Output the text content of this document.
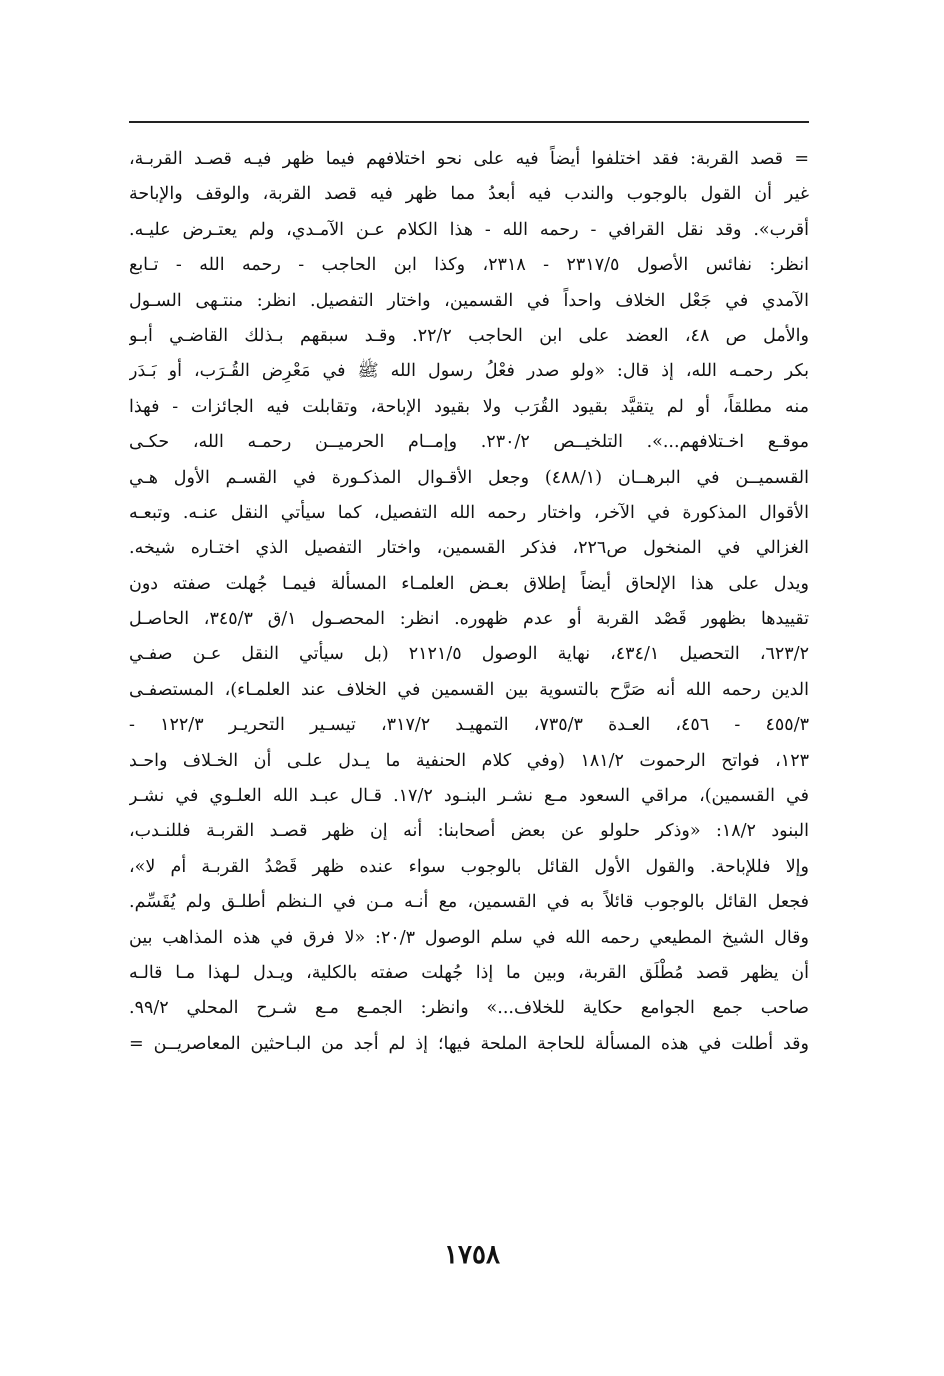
= قصد القربة: فقد اختلفوا أيضاً فيه على نحو اختلافهم فيما ظهر فيـه قصـد القربـة،
غير أن القول بالوجوب والندب فيه أبعدُ مما ظهر فيه قصد القربة، والوقف والإباحة
أقرب». وقد نقل القرافي - رحمه الله - هذا الكلام عـن الآمـدي، ولم يعتـرض عليـه.
انظر: نفائس الأصول ٢٣١٧/٥ - ٢٣١٨، وكذا ابن الحاجب - رحمه الله - تـابع
الآمدي في جَعْل الخلاف واحداً في القسمين، واختار التفصيل. انظر: منتـهى السـول
والأمل ص ٤٨، العضد على ابن الحاجب ٢٢/٢. وقـد سبقهم بـذلك القاضـي أبـو
بكر رحمـه الله، إذ قال: «ولو صدر فعْلُ رسول الله ﷺ في مَعْرِض القُـرَب، أو بَـدَر
منه مطلقاً، أو لم يتقيَّد بقيود القُرَب ولا بقيود الإباحة، وتقابلت فيه الجائزات - فهذا
موقـع اخـتلافهم...». التلخيــص ٢٣٠/٢. وإمــام الحرميــن رحمـه الله، حكـى
القسميــن في البرهــان (٤٨٨/١) وجعل الأقـوال المذكـورة في القسـم الأول هـي
الأقوال المذكورة في الآخر، واختار رحمه الله التفصيل، كما سيأتي النقل عنـه. وتبعـه
الغزالي في المنخول ص٢٢٦، فذكر القسمين، واختار التفصيل الذي اختـاره شيخه.
ويدل على هذا الإلحاق أيضاً إطلاق بعـض العلمـاء المسألة فيمـا جُهلت صفته دون
تقييدها بظهور قَصْد القربة أو عدم ظهوره. انظر: المحصـول ١/ق ٣٤٥/٣، الحاصـل
٦٢٣/٢، التحصيل ٤٣٤/١، نهاية الوصول ٢١٢١/٥ (بل سيأتي النقل عـن صفـي
الدين رحمه الله أنه صَرَّح بالتسوية بين القسمين في الخلاف عند العلمـاء)، المستصفـى
٤٥٥/٣ - ٤٥٦، العـدة ٧٣٥/٣، التمهيـد ٣١٧/٢، تيسـير التحريـر ١٢٢/٣ -
١٢٣، فواتح الرحموت ١٨١/٢ (وفي كلام الحنفية ما يـدل علـى أن الخـلاف واحـد
في القسمين)، مراقي السعود مـع نشـر البنـود ١٧/٢. قـال عبـد الله العلـوي في نشـر
البنود ١٨/٢: «وذكر حلولو عن بعض أصحابنا: أنه إن ظهر قصـد القربـة فللنـدب،
وإلا فللإباحة. والقول الأول القائل بالوجوب سواء عنده ظهر قَصْدُ القربـة أم لا»،
فجعل القائل بالوجوب قائلاً به في القسمين، مع أنـه مـن في الـنظم أطلـق ولم يُقَسِّم.
وقال الشيخ المطيعي رحمه الله في سلم الوصول ٢٠/٣: «لا فرق في هذه المذاهب بين
أن يظهر قصد مُطْلَق القربة، وبين ما إذا جُهلت صفته بالكلية، ويـدل لـهذا مـا قالـه
صاحب جمع الجوامع حكاية للخلاف...» وانظر: الجمـع مـع شـرح المحلي ٩٩/٢.
وقد أطلت في هذه المسألة للحاجة الملحة فيها؛ إذ لم أجد من البـاحثين المعاصريــن =
١٧٥٨
